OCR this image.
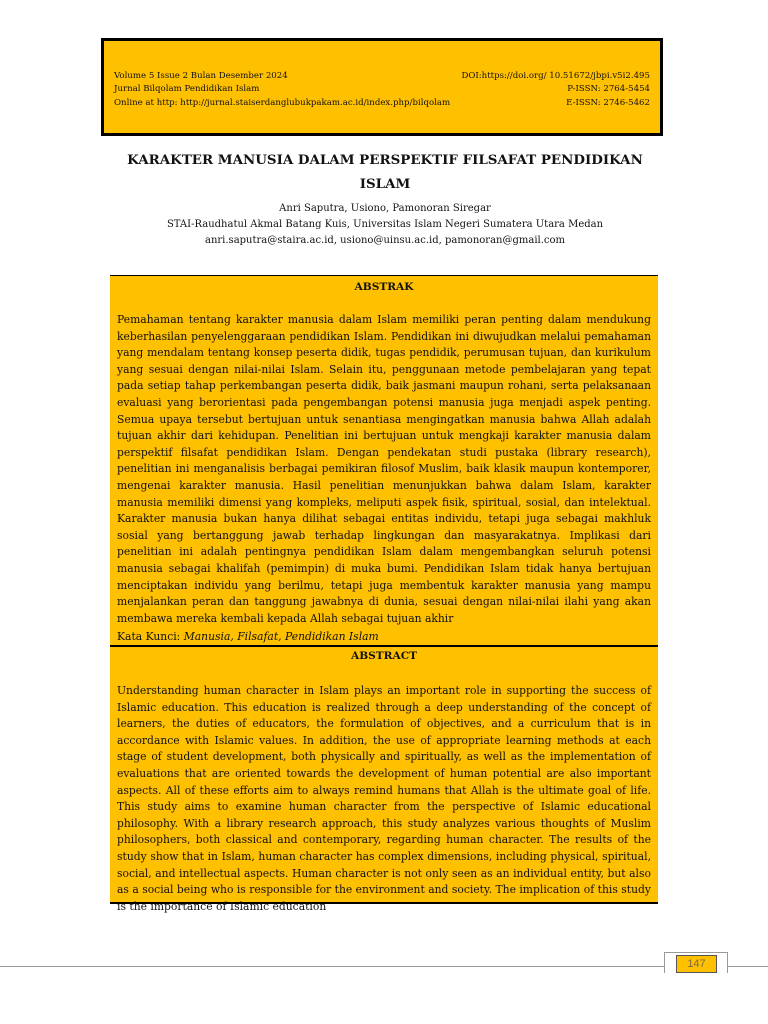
Volume 5 Issue 2 Bulan Desember 2024	DOI:https://doi.org/ 10.51672/jbpi.v5i2.495
Jurnal Bilqolam Pendidikan Islam	P-ISSN: 2764-5454
Online at http: http://jurnal.staiserdanglubukpakam.ac.id/index.php/bilqolam	E-ISSN: 2746-5462
KARAKTER MANUSIA DALAM PERSPEKTIF FILSAFAT PENDIDIKAN ISLAM
Anri Saputra, Usiono, Pamonoran Siregar
STAI-Raudhatul Akmal Batang Kuis, Universitas Islam Negeri Sumatera Utara Medan
anri.saputra@staira.ac.id, usiono@uinsu.ac.id, pamonoran@gmail.com
ABSTRAK
Pemahaman tentang karakter manusia dalam Islam memiliki peran penting dalam mendukung keberhasilan penyelenggaraan pendidikan Islam. Pendidikan ini diwujudkan melalui pemahaman yang mendalam tentang konsep peserta didik, tugas pendidik, perumusan tujuan, dan kurikulum yang sesuai dengan nilai-nilai Islam. Selain itu, penggunaan metode pembelajaran yang tepat pada setiap tahap perkembangan peserta didik, baik jasmani maupun rohani, serta pelaksanaan evaluasi yang berorientasi pada pengembangan potensi manusia juga menjadi aspek penting. Semua upaya tersebut bertujuan untuk senantiasa mengingatkan manusia bahwa Allah adalah tujuan akhir dari kehidupan. Penelitian ini bertujuan untuk mengkaji karakter manusia dalam perspektif filsafat pendidikan Islam. Dengan pendekatan studi pustaka (library research), penelitian ini menganalisis berbagai pemikiran filosof Muslim, baik klasik maupun kontemporer, mengenai karakter manusia. Hasil penelitian menunjukkan bahwa dalam Islam, karakter manusia memiliki dimensi yang kompleks, meliputi aspek fisik, spiritual, sosial, dan intelektual. Karakter manusia bukan hanya dilihat sebagai entitas individu, tetapi juga sebagai makhluk sosial yang bertanggung jawab terhadap lingkungan dan masyarakatnya. Implikasi dari penelitian ini adalah pentingnya pendidikan Islam dalam mengembangkan seluruh potensi manusia sebagai khalifah (pemimpin) di muka bumi. Pendidikan Islam tidak hanya bertujuan menciptakan individu yang berilmu, tetapi juga membentuk karakter manusia yang mampu menjalankan peran dan tanggung jawabnya di dunia, sesuai dengan nilai-nilai ilahi yang akan membawa mereka kembali kepada Allah sebagai tujuan akhir
Kata Kunci: Manusia, Filsafat, Pendidikan Islam
ABSTRACT
Understanding human character in Islam plays an important role in supporting the success of Islamic education. This education is realized through a deep understanding of the concept of learners, the duties of educators, the formulation of objectives, and a curriculum that is in accordance with Islamic values. In addition, the use of appropriate learning methods at each stage of student development, both physically and spiritually, as well as the implementation of evaluations that are oriented towards the development of human potential are also important aspects. All of these efforts aim to always remind humans that Allah is the ultimate goal of life. This study aims to examine human character from the perspective of Islamic educational philosophy. With a library research approach, this study analyzes various thoughts of Muslim philosophers, both classical and contemporary, regarding human character. The results of the study show that in Islam, human character has complex dimensions, including physical, spiritual, social, and intellectual aspects. Human character is not only seen as an individual entity, but also as a social being who is responsible for the environment and society. The implication of this study is the importance of Islamic education
147
